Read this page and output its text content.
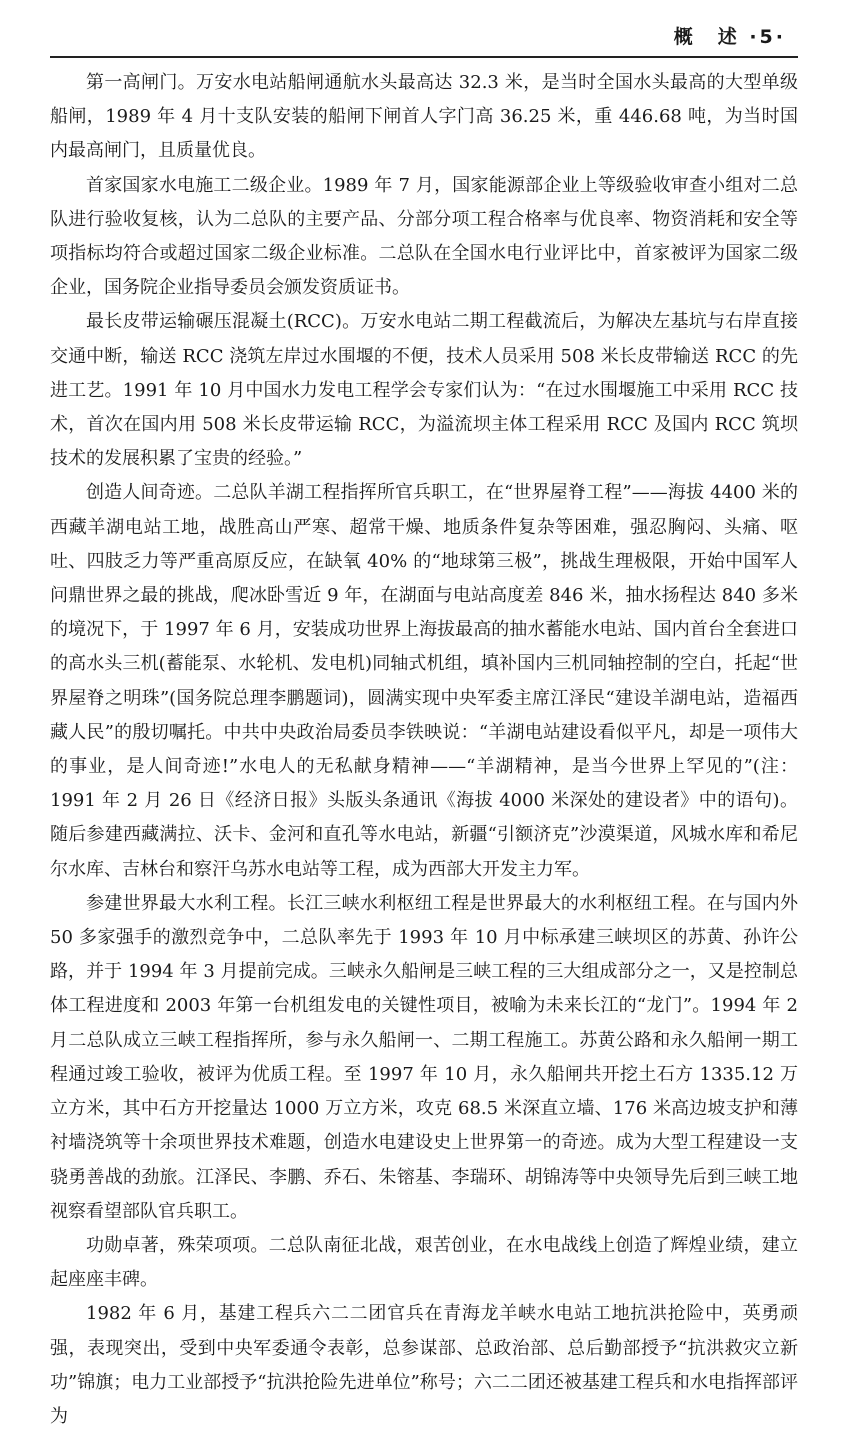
概　述 ·5·

第一高闸门。万安水电站船闸通航水头最高达 32.3 米，是当时全国水头最高的大型单级船闸，1989 年 4 月十支队安装的船闸下闸首人字门高 36.25 米，重 446.68 吨，为当时国内最高闸门，且质量优良。

首家国家水电施工二级企业。1989 年 7 月，国家能源部企业上等级验收审查小组对二总队进行验收复核，认为二总队的主要产品、分部分项工程合格率与优良率、物资消耗和安全等项指标均符合或超过国家二级企业标准。二总队在全国水电行业评比中，首家被评为国家二级企业，国务院企业指导委员会颁发资质证书。

最长皮带运输碾压混凝土(RCC)。万安水电站二期工程截流后，为解决左基坑与右岸直接交通中断，输送 RCC 浇筑左岸过水围堰的不便，技术人员采用 508 米长皮带输送 RCC 的先进工艺。1991 年 10 月中国水力发电工程学会专家们认为：“在过水围堰施工中采用 RCC 技术，首次在国内用 508 米长皮带运输 RCC，为溢流坝主体工程采用 RCC 及国内 RCC 筑坝技术的发展积累了宝贵的经验。”

创造人间奇迹。二总队羊湖工程指挥所官兵职工，在“世界屋脊工程”——海拔 4400 米的西藏羊湖电站工地，战胜高山严寒、超常干燥、地质条件复杂等困难，强忍胸闷、头痛、呕吐、四肢乏力等严重高原反应，在缺氧 40% 的“地球第三极”，挑战生理极限，开始中国军人问鼎世界之最的挑战，爬冰卧雪近 9 年，在湖面与电站高度差 846 米，抽水扬程达 840 多米的境况下，于 1997 年 6 月，安装成功世界上海拔最高的抽水蓄能水电站、国内首台全套进口的高水头三机(蓄能泵、水轮机、发电机)同轴式机组，填补国内三机同轴控制的空白，托起“世界屋脊之明珠”(国务院总理李鹏题词)，圆满实现中央军委主席江泽民“建设羊湖电站，造福西藏人民”的殷切嘱托。中共中央政治局委员李铁映说：“羊湖电站建设看似平凡，却是一项伟大的事业，是人间奇迹!”水电人的无私献身精神——“羊湖精神，是当今世界上罕见的”(注：1991 年 2 月 26 日《经济日报》头版头条通讯《海拔 4000 米深处的建设者》中的语句)。随后参建西藏满拉、沃卡、金河和直孔等水电站，新疆“引额济克”沙漠渠道，风城水库和希尼尔水库、吉林台和察汗乌苏水电站等工程，成为西部大开发主力军。

参建世界最大水利工程。长江三峡水利枢纽工程是世界最大的水利枢纽工程。在与国内外 50 多家强手的激烈竞争中，二总队率先于 1993 年 10 月中标承建三峡坝区的苏黄、孙许公路，并于 1994 年 3 月提前完成。三峡永久船闸是三峡工程的三大组成部分之一，又是控制总体工程进度和 2003 年第一台机组发电的关键性项目，被喻为未来长江的“龙门”。1994 年 2 月二总队成立三峡工程指挥所，参与永久船闸一、二期工程施工。苏黄公路和永久船闸一期工程通过竣工验收，被评为优质工程。至 1997 年 10 月，永久船闸共开挖土石方 1335.12 万立方米，其中石方开挖量达 1000 万立方米，攻克 68.5 米深直立墙、176 米高边坡支护和薄衬墙浇筑等十余项世界技术难题，创造水电建设史上世界第一的奇迹。成为大型工程建设一支骁勇善战的劲旅。江泽民、李鹏、乔石、朱镕基、李瑞环、胡锦涛等中央领导先后到三峡工地视察看望部队官兵职工。

功勋卓著，殊荣项项。二总队南征北战，艰苦创业，在水电战线上创造了辉煌业绩，建立起座座丰碑。

1982 年 6 月，基建工程兵六二二团官兵在青海龙羊峡水电站工地抗洪抢险中，英勇顽强，表现突出，受到中央军委通令表彰，总参谋部、总政治部、总后勤部授予“抗洪救灾立新功”锦旗；电力工业部授予“抗洪抢险先进单位”称号；六二二团还被基建工程兵和水电指挥部评为
